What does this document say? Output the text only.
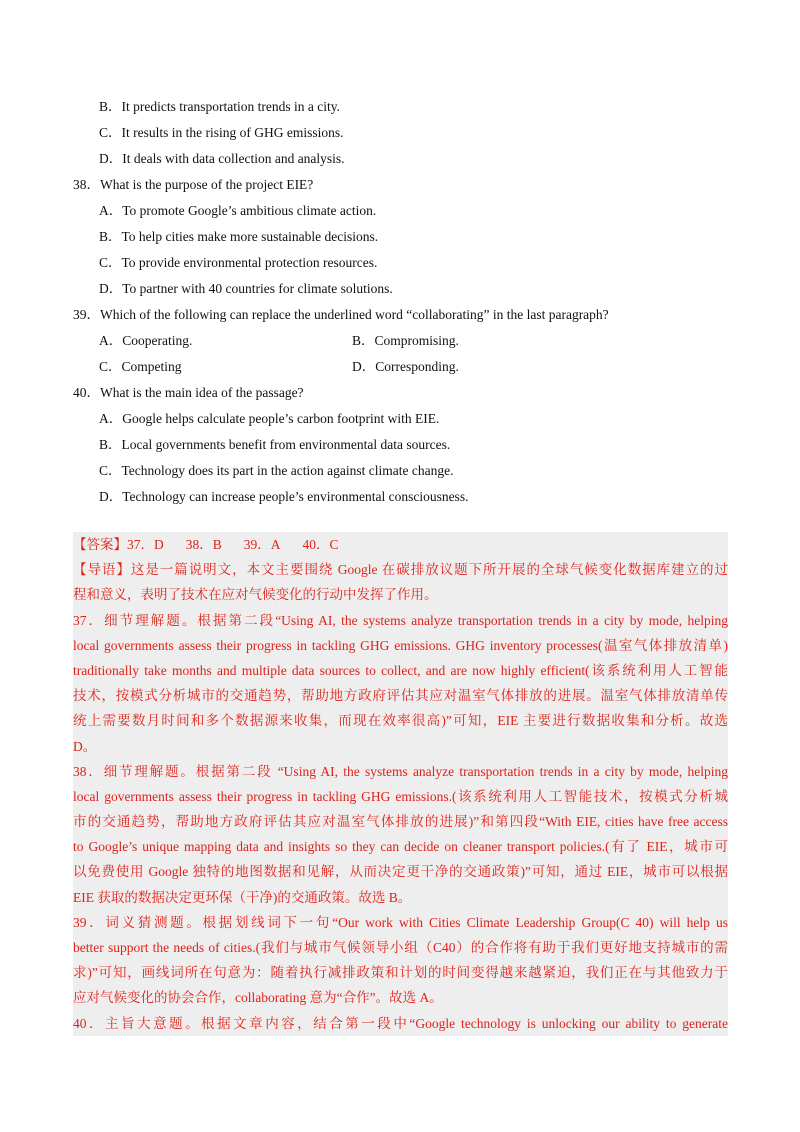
B．It predicts transportation trends in a city.
C．It results in the rising of GHG emissions.
D．It deals with data collection and analysis.
38．What is the purpose of the project EIE?
A．To promote Google’s ambitious climate action.
B．To help cities make more sustainable decisions.
C．To provide environmental protection resources.
D．To partner with 40 countries for climate solutions.
39．Which of the following can replace the underlined word “collaborating” in the last paragraph?
A．Cooperating.	B．Compromising.
C．Competing	D．Corresponding.
40．What is the main idea of the passage?
A．Google helps calculate people’s carbon footprint with EIE.
B．Local governments benefit from environmental data sources.
C．Technology does its part in the action against climate change.
D．Technology can increase people’s environmental consciousness.
【答案】37．D 38．B 39．A 40．C
【导语】这是一篇说明文，本文主要围绕 Google 在碳排放议题下所开展的全球气候变化数据库建立的过
程和意义，表明了技术在应对气候变化的行动中发挥了作用。
37．细节理解题。根据第二段“Using AI, the systems analyze transportation trends in a city by mode, helping
local governments assess their progress in tackling GHG emissions. GHG inventory processes(温室气体排放清单)
traditionally take months and multiple data sources to collect, and are now highly efficient(该系统利用人工智能
技术，按模式分析城市的交通趋势，帮助地方政府评估其应对温室气体排放的进展。温室气体排放清单传
统上需要数月时间和多个数据源来收集，而现在效率很高)”可知，EIE 主要进行数据收集和分析。故选
D。
38．细节理解题。根据第二段 “Using AI, the systems analyze transportation trends in a city by mode, helping
local governments assess their progress in tackling GHG emissions.(该系统利用人工智能技术，按模式分析城
市的交通趋势，帮助地方政府评估其应对温室气体排放的进展)”和第四段“With EIE, cities have free access
to Google’s unique mapping data and insights so they can decide on cleaner transport policies.(有了 EIE，城市可
以免费使用 Google 独特的地图数据和见解，从而决定更干净的交通政策)”可知，通过 EIE，城市可以根据
EIE 获取的数据决定更环保（干净)的交通政策。故选 B。
39．词义猜测题。根据划线词下一句“Our work with Cities Climate Leadership Group(C 40) will help us
better support the needs of cities.(我们与城市气候领导小组（C40）的合作将有助于我们更好地支持城市的需
求)”可知，画线词所在句意为：随着执行减排政策和计划的时间变得越来越紧迫，我们正在与其他致力于
应对气候变化的协会合作，collaborating 意为“合作”。故选 A。
40．主旨大意题。根据文章内容，结合第一段中“Google technology is unlocking our ability to generate
